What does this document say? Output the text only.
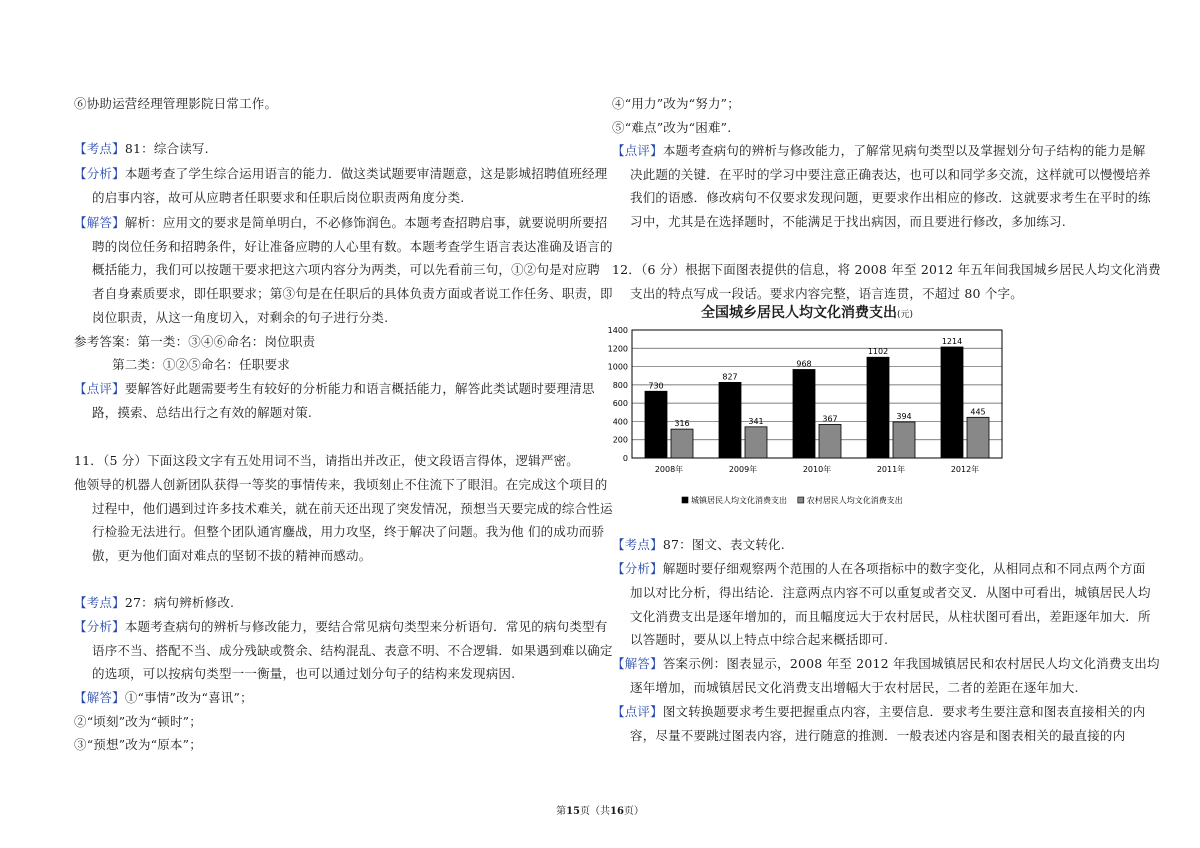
⑥协助运营经理管理影院日常工作。
【考点】81：综合读写.
【分析】本题考查了学生综合运用语言的能力．做这类试题要审清题意，这是影城招聘值班经理
的启事内容，故可从应聘者任职要求和任职后岗位职责两角度分类.
【解答】解析：应用文的要求是简单明白，不必修饰润色。本题考查招聘启事，就要说明所要招
聘的岗位任务和招聘条件，好让准备应聘的人心里有数。本题考查学生语言表达准确及语言的
概括能力，我们可以按题干要求把这六项内容分为两类，可以先看前三句，①②句是对应聘
者自身素质要求，即任职要求；第③句是在任职后的具体负责方面或者说工作任务、职责，即
岗位职责，从这一角度切入，对剩余的句子进行分类.
参考答案：第一类：③④⑥命名：岗位职责
　　　第二类：①②⑤命名：任职要求
【点评】要解答好此题需要考生有较好的分析能力和语言概括能力，解答此类试题时要理清思
路，摸索、总结出行之有效的解题对策.
11．（5 分）下面这段文字有五处用词不当，请指出并改正，使文段语言得体，逻辑严密。
他领导的机器人创新团队获得一等奖的事情传来，我顷刻止不住流下了眼泪。在完成这个项目的
过程中，他们遇到过许多技术难关，就在前天还出现了突发情况，预想当天要完成的综合性运
行检验无法进行。但整个团队通宵鏖战，用力攻坚，终于解决了问题。我为他 们的成功而骄
傲，更为他们面对难点的坚韧不拔的精神而感动。
【考点】27：病句辨析修改.
【分析】本题考查病句的辨析与修改能力，要结合常见病句类型来分析语句．常见的病句类型有
语序不当、搭配不当、成分残缺或赘余、结构混乱、表意不明、不合逻辑．如果遇到难以确定
的选项，可以按病句类型一一衡量，也可以通过划分句子的结构来发现病因.
【解答】①“事情”改为“喜讯”；
②“顷刻”改为“顿时”；
③“预想”改为“原本”；
④“用力”改为“努力”；
⑤“难点”改为“困难”.
【点评】本题考查病句的辨析与修改能力，了解常见病句类型以及掌握划分句子结构的能力是解
决此题的关键．在平时的学习中要注意正确表达，也可以和同学多交流，这样就可以慢慢培养
我们的语感．修改病句不仅要求发现问题，更要求作出相应的修改．这就要求考生在平时的练
习中，尤其是在选择题时，不能满足于找出病因，而且要进行修改，多加练习.
12．（6 分）根据下面图表提供的信息，将 2008 年至 2012 年五年间我国城乡居民人均文化消费
支出的特点写成一段话。要求内容完整，语言连贯，不超过 80 个字。
全国城乡居民人均文化消费支出(元)
0
200
400
600
800
1000
1200
1400
730
316
2008年
827
341
2009年
968
367
2010年
1102
394
2011年
1214
445
2012年
城镇居民人均文化消费支出 农村居民人均文化消费支出
【考点】87：图文、表文转化.
【分析】解题时要仔细观察两个范围的人在各项指标中的数字变化，从相同点和不同点两个方面
加以对比分析，得出结论．注意两点内容不可以重复或者交叉．从图中可看出，城镇居民人均
文化消费支出是逐年增加的，而且幅度远大于农村居民，从柱状图可看出，差距逐年加大．所
以答题时，要从以上特点中综合起来概括即可.
【解答】答案示例：图表显示，2008 年至 2012 年我国城镇居民和农村居民人均文化消费支出均
逐年增加，而城镇居民文化消费支出增幅大于农村居民，二者的差距在逐年加大.
【点评】图文转换题要求考生要把握重点内容，主要信息．要求考生要注意和图表直接相关的内
容，尽量不要跳过图表内容，进行随意的推测．一般表述内容是和图表相关的最直接的内
第15页（共16页）
